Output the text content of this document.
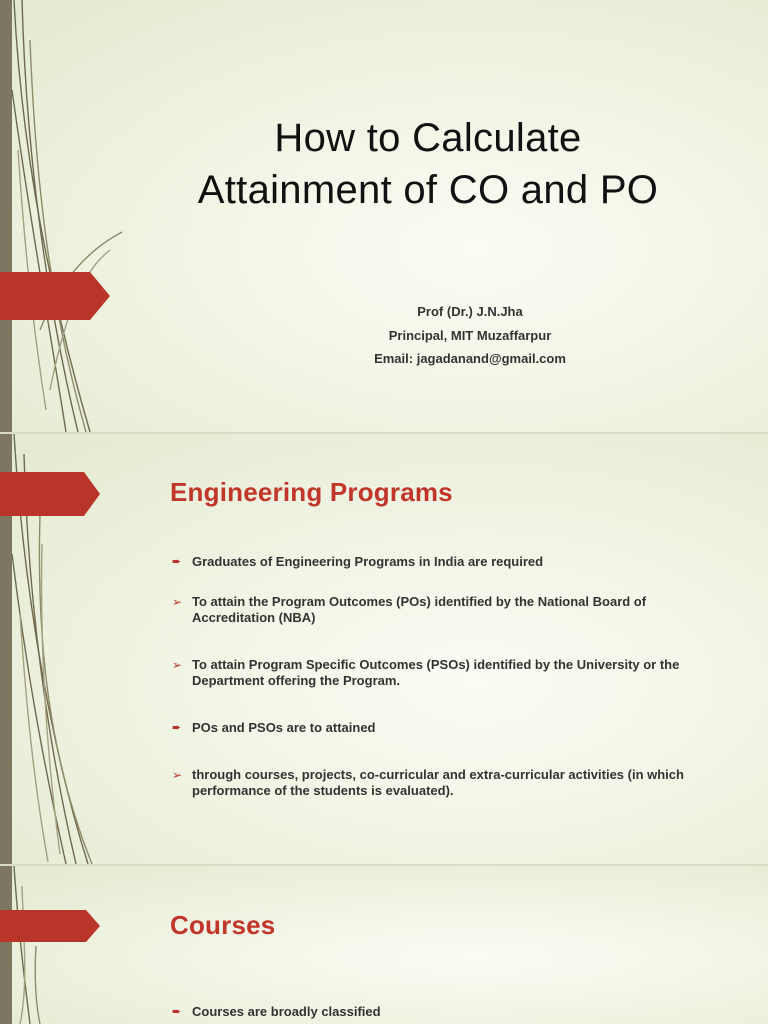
How to Calculate
Attainment of CO and PO
Prof (Dr.) J.N.Jha
Principal, MIT Muzaffarpur
Email: jagadanand@gmail.com
Engineering Programs
➨ Graduates of Engineering Programs in India are required
➢ To attain the Program Outcomes (POs) identified by the National Board of Accreditation (NBA)
➢ To attain Program Specific Outcomes (PSOs) identified by the University or the Department offering the Program.
➨ POs and PSOs are to attained
➢ through courses, projects, co-curricular and extra-curricular activities (in which performance of the students is evaluated).
Courses
➨ Courses are broadly classified
